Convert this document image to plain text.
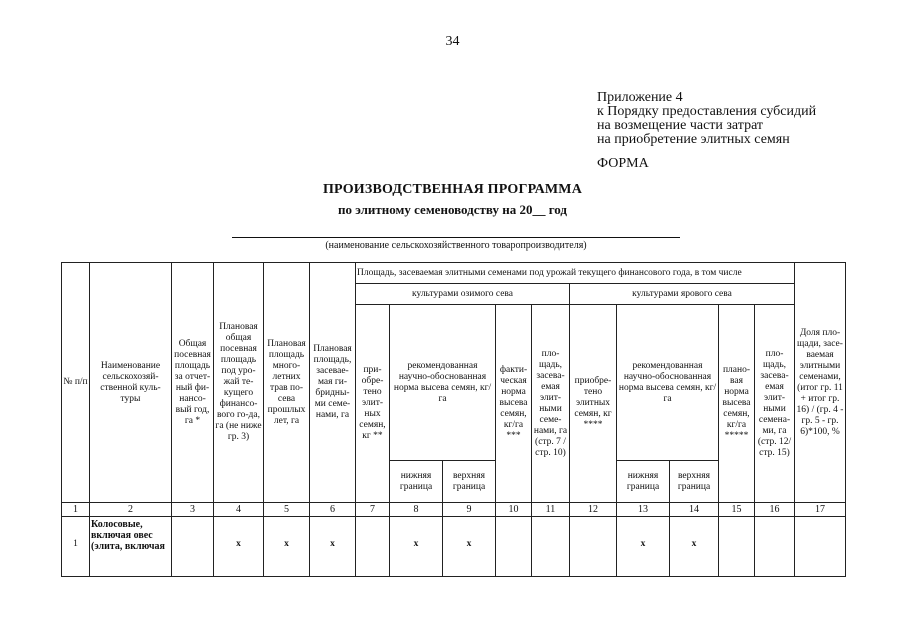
34
Приложение 4
к Порядку предоставления субсидий
на возмещение части затрат
на приобретение элитных семян
ФОРМА
ПРОИЗВОДСТВЕННАЯ ПРОГРАММА
по элитному семеноводству на 20__ год
(наименование сельскохозяйственного товаропроизводителя)
№ п/п	Наименование сельскохозяй-ственной куль-туры	Общая посевная площадь за отчет-ный фи-нансо-вый год, га *	Плановая общая посевная площадь под уро-жай те-кущего финансо-вого го-да, га (не ниже гр. 3)	Плановая площадь много-летних трав по-сева прошлых лет, га	Плановая площадь, засевае-мая ги-бридны-ми семе-нами, га	Площадь, засеваемая элитными семенами под урожай текущего финансового года, в том числе										Доля пло-щади, засе-ваемая элитными семенами, (итог гр. 11 + итог гр. 16) / (гр. 4 - гр. 5 - гр. 6)*100, %
						культурами озимого сева					культурами ярового сева					
						при-обре-тено элит-ных семян, кг **	рекомендованная научно-обоснованная норма высева семян, кг/га		факти-ческая норма высева семян, кг/га ***	пло-щадь, засева-емая элит-ными семе-нами, га (стр. 7 / стр. 10)	приобре-тено элитных семян, кг ****	рекомендованная научно-обоснованная норма высева семян, кг/га		плано-вая норма высева семян, кг/га *****	пло-щадь, засева-емая элит-ными семена-ми, га (стр. 12/ стр. 15)	
							нижняя граница	верхняя граница				нижняя граница	верхняя граница			
1	2	3	4	5	6	7	8	9	10	11	12	13	14	15	16	17
1	Колосовые, включая овес (элита, включая		х	х	х		х	х				х	х			
